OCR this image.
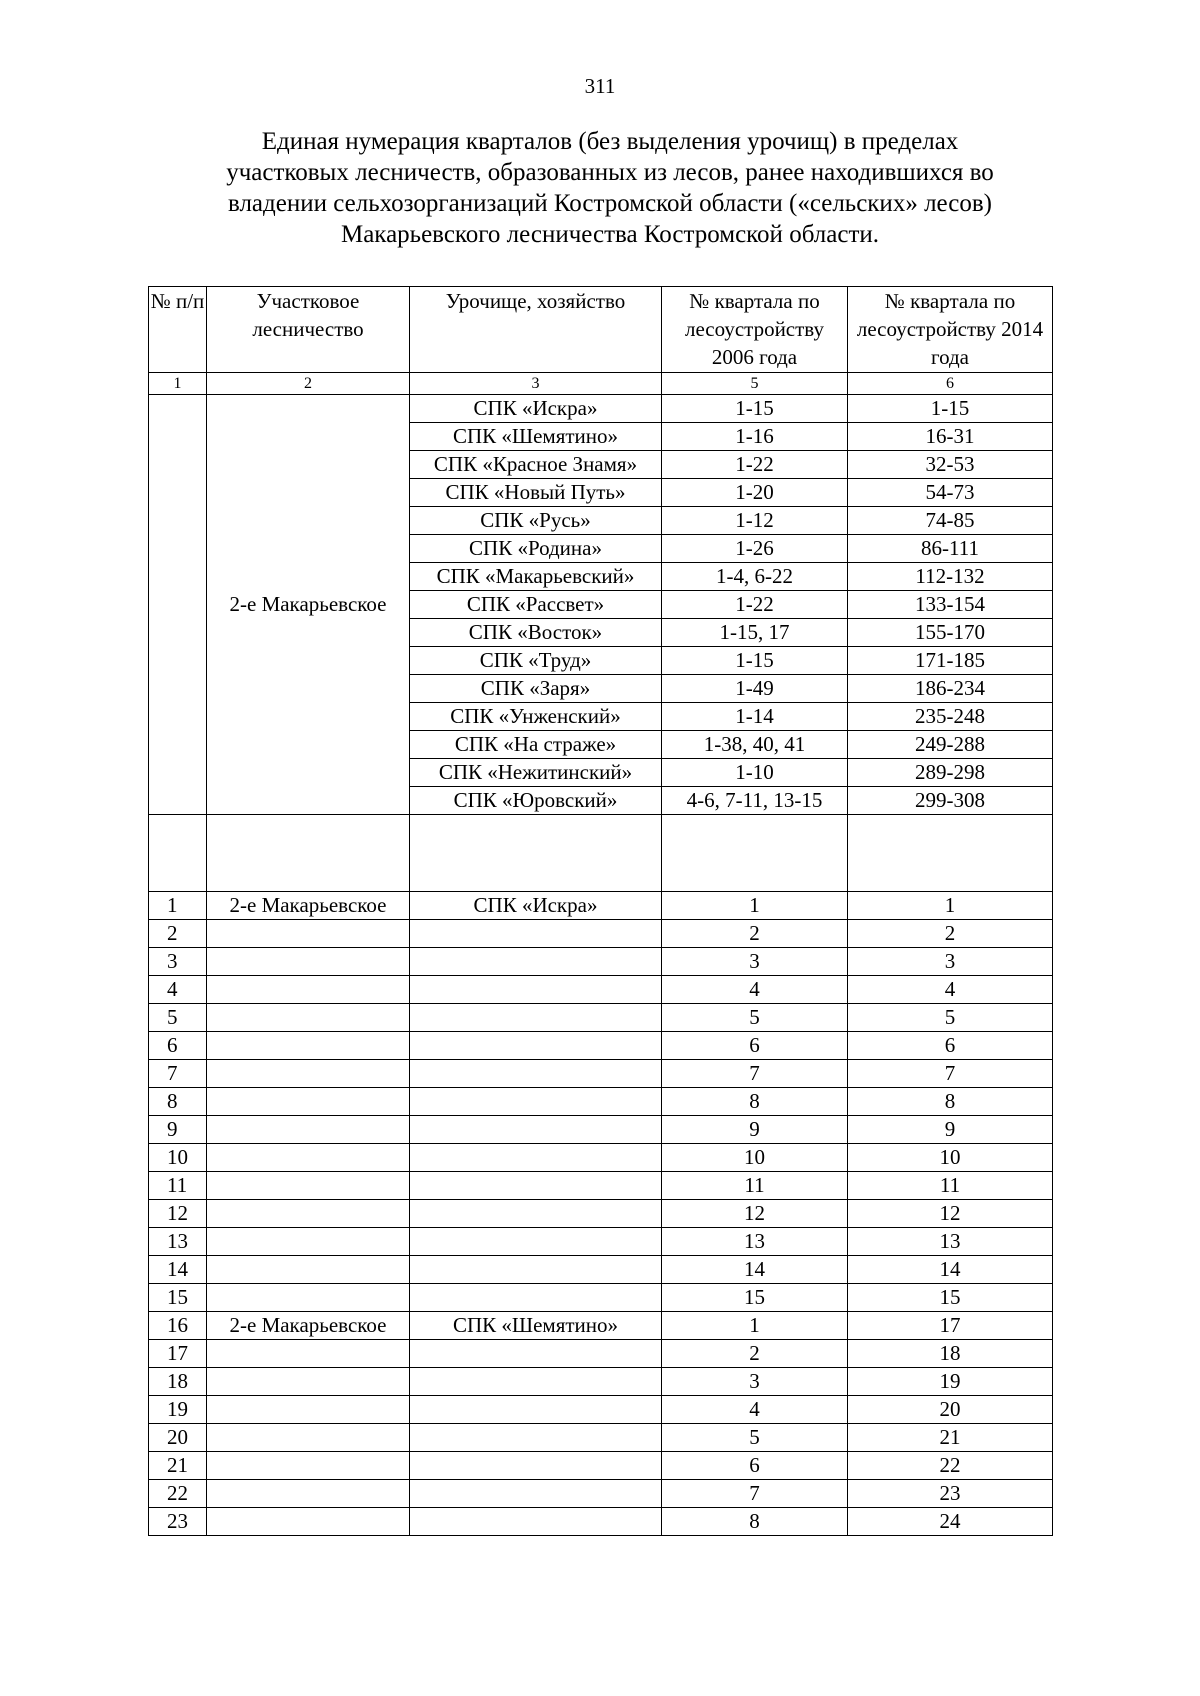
311
Единая нумерация кварталов (без выделения урочищ) в пределах
участковых лесничеств, образованных из лесов, ранее находившихся во
владении сельхозорганизаций Костромской области («сельских» лесов)
Макарьевского лесничества Костромской области.
№ п/п	Участковое лесничество	Урочище, хозяйство	№ квартала по лесоустройству 2006 года	№ квартала по лесоустройству 2014 года
1	2	3	5	6
	2-е Макарьевское	СПК «Искра»	1-15	1-15
		СПК «Шемятино»	1-16	16-31
		СПК «Красное Знамя»	1-22	32-53
		СПК «Новый Путь»	1-20	54-73
		СПК «Русь»	1-12	74-85
		СПК «Родина»	1-26	86-111
		СПК «Макарьевский»	1-4, 6-22	112-132
		СПК «Рассвет»	1-22	133-154
		СПК «Восток»	1-15, 17	155-170
		СПК «Труд»	1-15	171-185
		СПК «Заря»	1-49	186-234
		СПК «Унженский»	1-14	235-248
		СПК «На страже»	1-38, 40, 41	249-288
		СПК «Нежитинский»	1-10	289-298
		СПК «Юровский»	4-6, 7-11, 13-15	299-308

1	2-е Макарьевское	СПК «Искра»	1	1
2			2	2
3			3	3
4			4	4
5			5	5
6			6	6
7			7	7
8			8	8
9			9	9
10			10	10
11			11	11
12			12	12
13			13	13
14			14	14
15			15	15
16	2-е Макарьевское	СПК «Шемятино»	1	17
17			2	18
18			3	19
19			4	20
20			5	21
21			6	22
22			7	23
23			8	24
